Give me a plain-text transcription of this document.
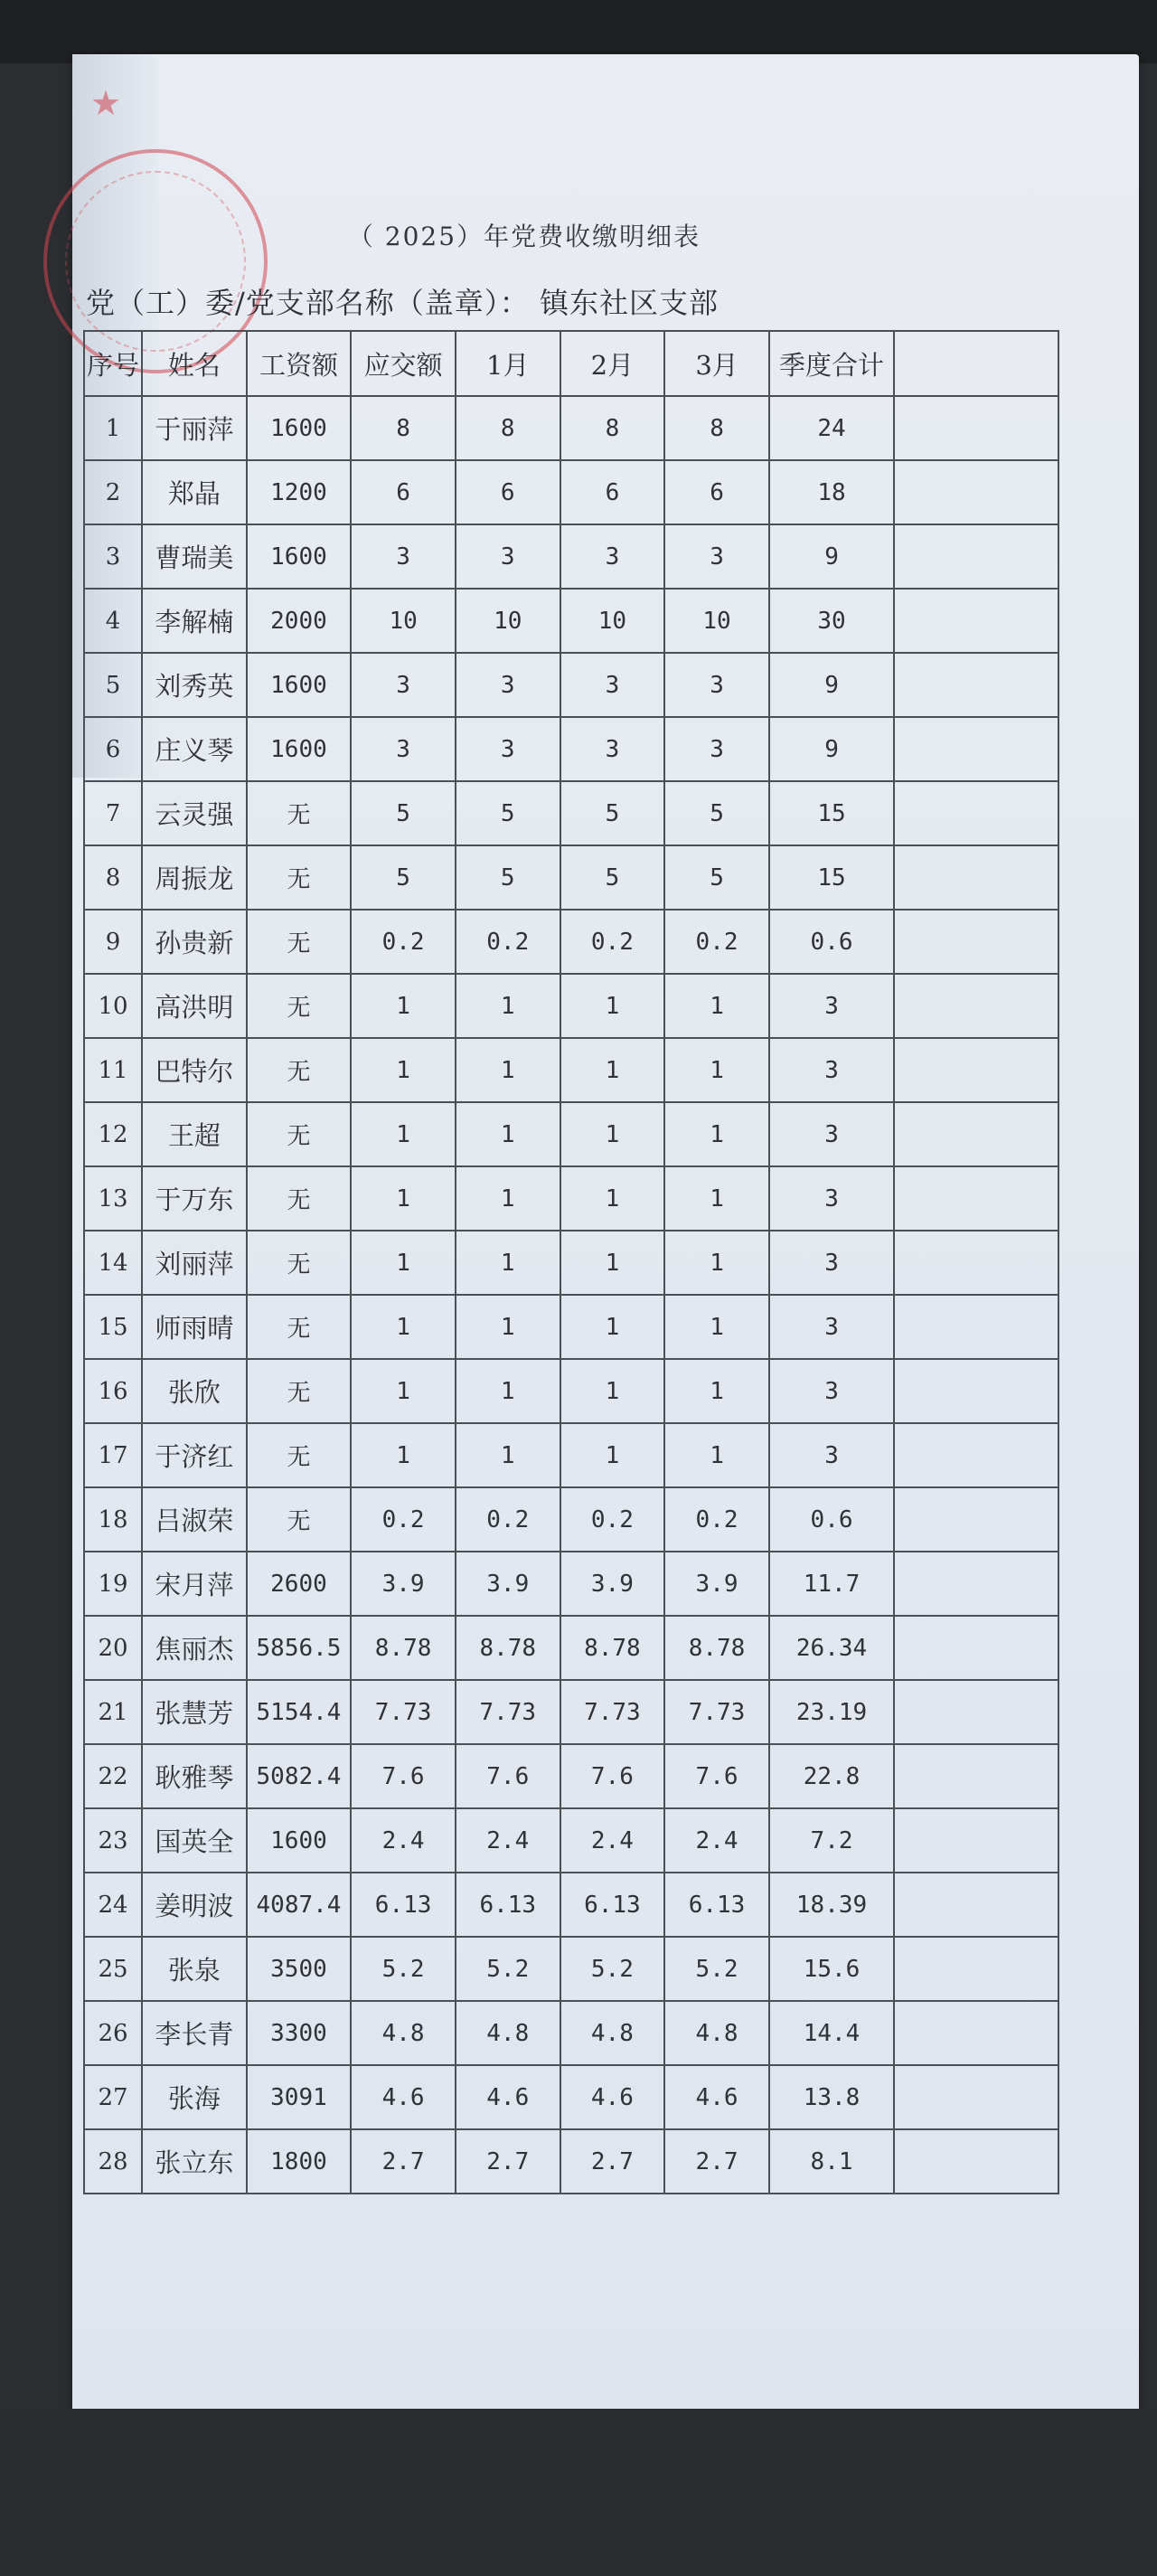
★
（ 2025）年党费收缴明细表
党（工）委/党支部名称（盖章）： 镇东社区支部
序号	姓名	工资额	应交额	1月	2月	3月	季度合计	
1	于丽萍	1600	8	8	8	8	24	
2	郑晶	1200	6	6	6	6	18	
3	曹瑞美	1600	3	3	3	3	9	
4	李解楠	2000	10	10	10	10	30	
5	刘秀英	1600	3	3	3	3	9	
6	庄义琴	1600	3	3	3	3	9	
7	云灵强	无	5	5	5	5	15	
8	周振龙	无	5	5	5	5	15	
9	孙贵新	无	0.2	0.2	0.2	0.2	0.6	
10	高洪明	无	1	1	1	1	3	
11	巴特尔	无	1	1	1	1	3	
12	王超	无	1	1	1	1	3	
13	于万东	无	1	1	1	1	3	
14	刘丽萍	无	1	1	1	1	3	
15	师雨晴	无	1	1	1	1	3	
16	张欣	无	1	1	1	1	3	
17	于济红	无	1	1	1	1	3	
18	吕淑荣	无	0.2	0.2	0.2	0.2	0.6	
19	宋月萍	2600	3.9	3.9	3.9	3.9	11.7	
20	焦丽杰	5856.5	8.78	8.78	8.78	8.78	26.34	
21	张慧芳	5154.4	7.73	7.73	7.73	7.73	23.19	
22	耿雅琴	5082.4	7.6	7.6	7.6	7.6	22.8	
23	国英全	1600	2.4	2.4	2.4	2.4	7.2	
24	姜明波	4087.4	6.13	6.13	6.13	6.13	18.39	
25	张泉	3500	5.2	5.2	5.2	5.2	15.6	
26	李长青	3300	4.8	4.8	4.8	4.8	14.4	
27	张海	3091	4.6	4.6	4.6	4.6	13.8	
28	张立东	1800	2.7	2.7	2.7	2.7	8.1	
